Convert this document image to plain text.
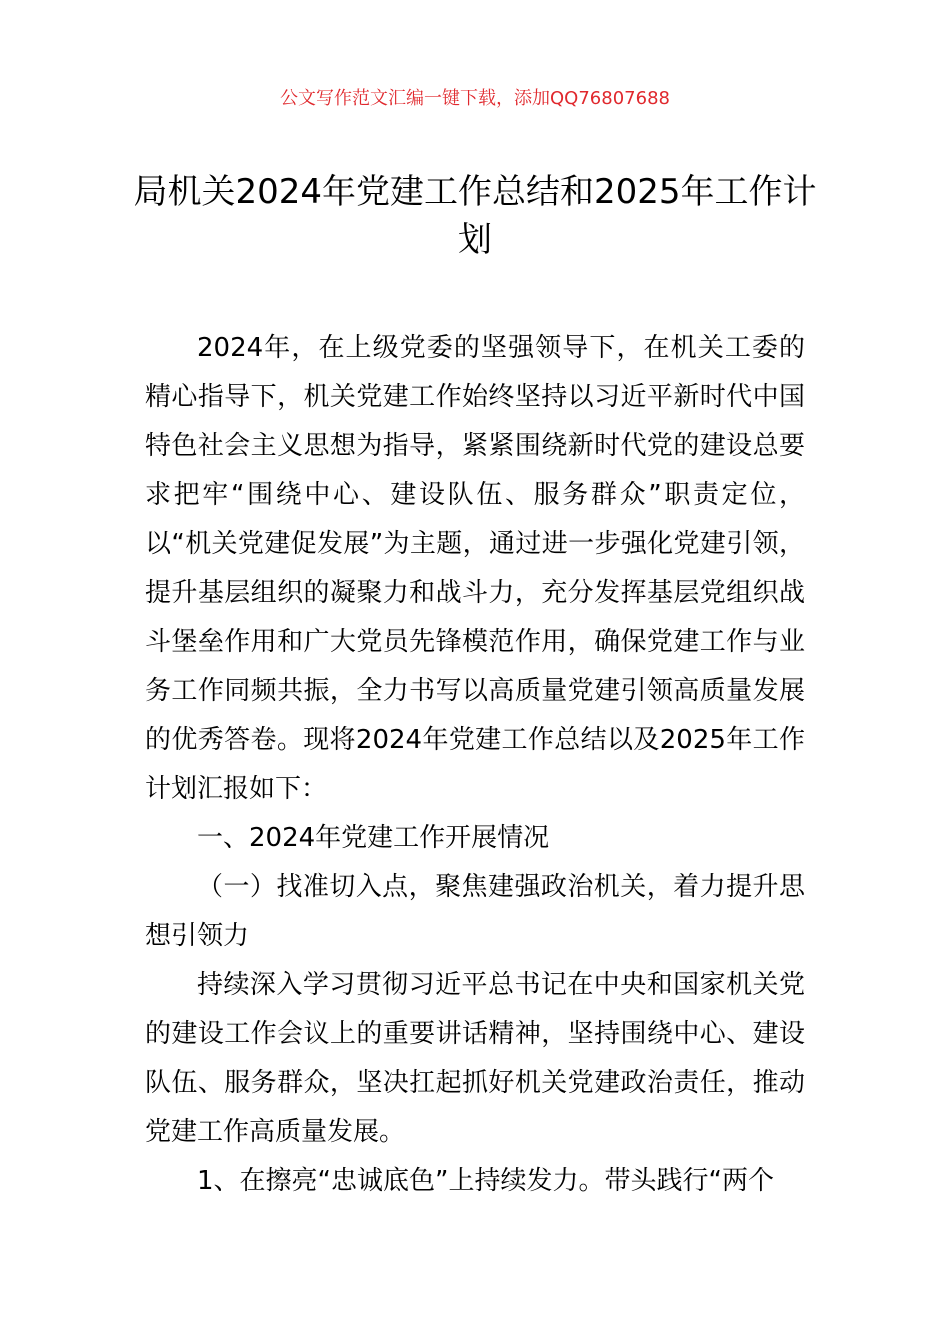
公文写作范文汇编一键下载，添加QQ76807688
局机关2024年党建工作总结和2025年工作计划

2024年，在上级党委的坚强领导下，在机关工委的精心指导下，机关党建工作始终坚持以习近平新时代中国特色社会主义思想为指导，紧紧围绕新时代党的建设总要求把牢“围绕中心、建设队伍、服务群众”职责定位，以“机关党建促发展”为主题，通过进一步强化党建引领，提升基层组织的凝聚力和战斗力，充分发挥基层党组织战斗堡垒作用和广大党员先锋模范作用，确保党建工作与业务工作同频共振，全力书写以高质量党建引领高质量发展的优秀答卷。现将2024年党建工作总结以及2025年工作计划汇报如下：

一、2024年党建工作开展情况

（一）找准切入点，聚焦建强政治机关，着力提升思想引领力

持续深入学习贯彻习近平总书记在中央和国家机关党的建设工作会议上的重要讲话精神，坚持围绕中心、建设队伍、服务群众，坚决扛起抓好机关党建政治责任，推动党建工作高质量发展。

1、在擦亮“忠诚底色”上持续发力。带头践行“两个
